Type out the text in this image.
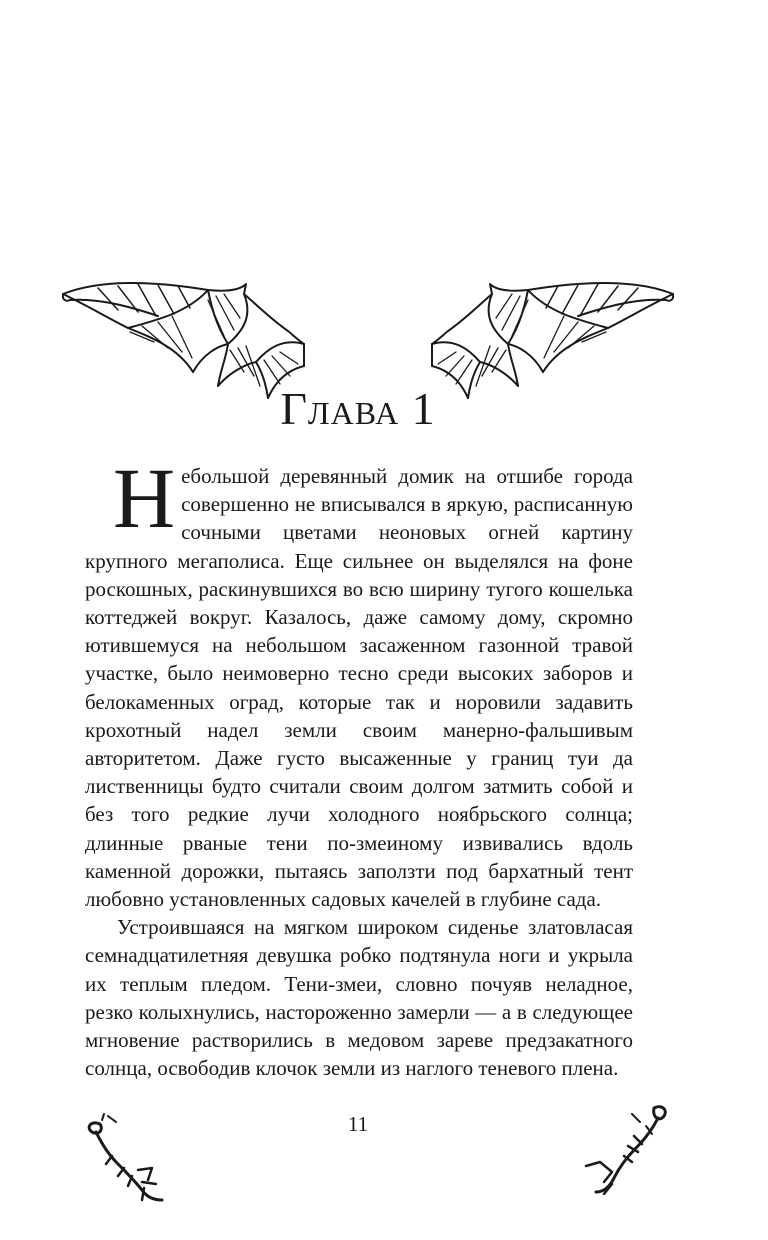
Глава 1

Небольшой деревянный домик на отшибе города совершенно не вписывался в яркую, расписанную сочными цветами неоновых огней картину крупного мегаполиса. Еще сильнее он выделялся на фоне роскошных, раскинувшихся во всю ширину тугого кошелька коттеджей вокруг. Казалось, даже самому дому, скромно ютившемуся на небольшом засаженном газонной травой участке, было неимоверно тесно среди высоких заборов и белокаменных оград, которые так и норовили задавить крохотный надел земли своим манерно-фальшивым авторитетом. Даже густо высаженные у границ туи да лиственницы будто считали своим долгом затмить собой и без того редкие лучи холодного ноябрьского солнца; длинные рваные тени по-змеиному извивались вдоль каменной дорожки, пытаясь заползти под бархатный тент любовно установленных садовых качелей в глубине сада.

Устроившаяся на мягком широком сиденье златовласая семнадцатилетняя девушка робко подтянула ноги и укрыла их теплым пледом. Тени-змеи, словно почуяв неладное, резко колыхнулись, настороженно замерли — а в следующее мгновение растворились в медовом зареве предзакатного солнца, освободив клочок земли из наглого теневого плена.

11
